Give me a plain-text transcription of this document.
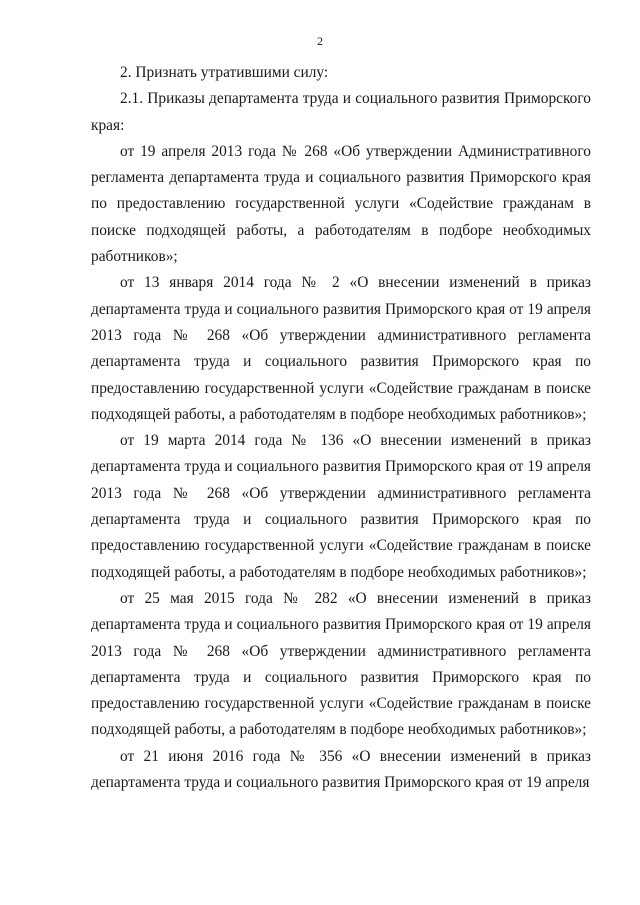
2

2. Признать утратившими силу:

2.1. Приказы департамента труда и социального развития Приморского края:

от 19 апреля 2013 года № 268 «Об утверждении Административного регламента департамента труда и социального развития Приморского края по предоставлению государственной услуги «Содействие гражданам в поиске подходящей работы, а работодателям в подборе необходимых работников»;

от 13 января 2014 года № 2 «О внесении изменений в приказ департамента труда и социального развития Приморского края от 19 апреля 2013 года № 268 «Об утверждении административного регламента департамента труда и социального развития Приморского края по предоставлению государственной услуги «Содействие гражданам в поиске подходящей работы, а работодателям в подборе необходимых работников»;

от 19 марта 2014 года № 136 «О внесении изменений в приказ департамента труда и социального развития Приморского края от 19 апреля 2013 года № 268 «Об утверждении административного регламента департамента труда и социального развития Приморского края по предоставлению государственной услуги «Содействие гражданам в поиске подходящей работы, а работодателям в подборе необходимых работников»;

от 25 мая 2015 года № 282 «О внесении изменений в приказ департамента труда и социального развития Приморского края от 19 апреля 2013 года № 268 «Об утверждении административного регламента департамента труда и социального развития Приморского края по предоставлению государственной услуги «Содействие гражданам в поиске подходящей работы, а работодателям в подборе необходимых работников»;

от 21 июня 2016 года № 356 «О внесении изменений в приказ департамента труда и социального развития Приморского края от 19 апреля
